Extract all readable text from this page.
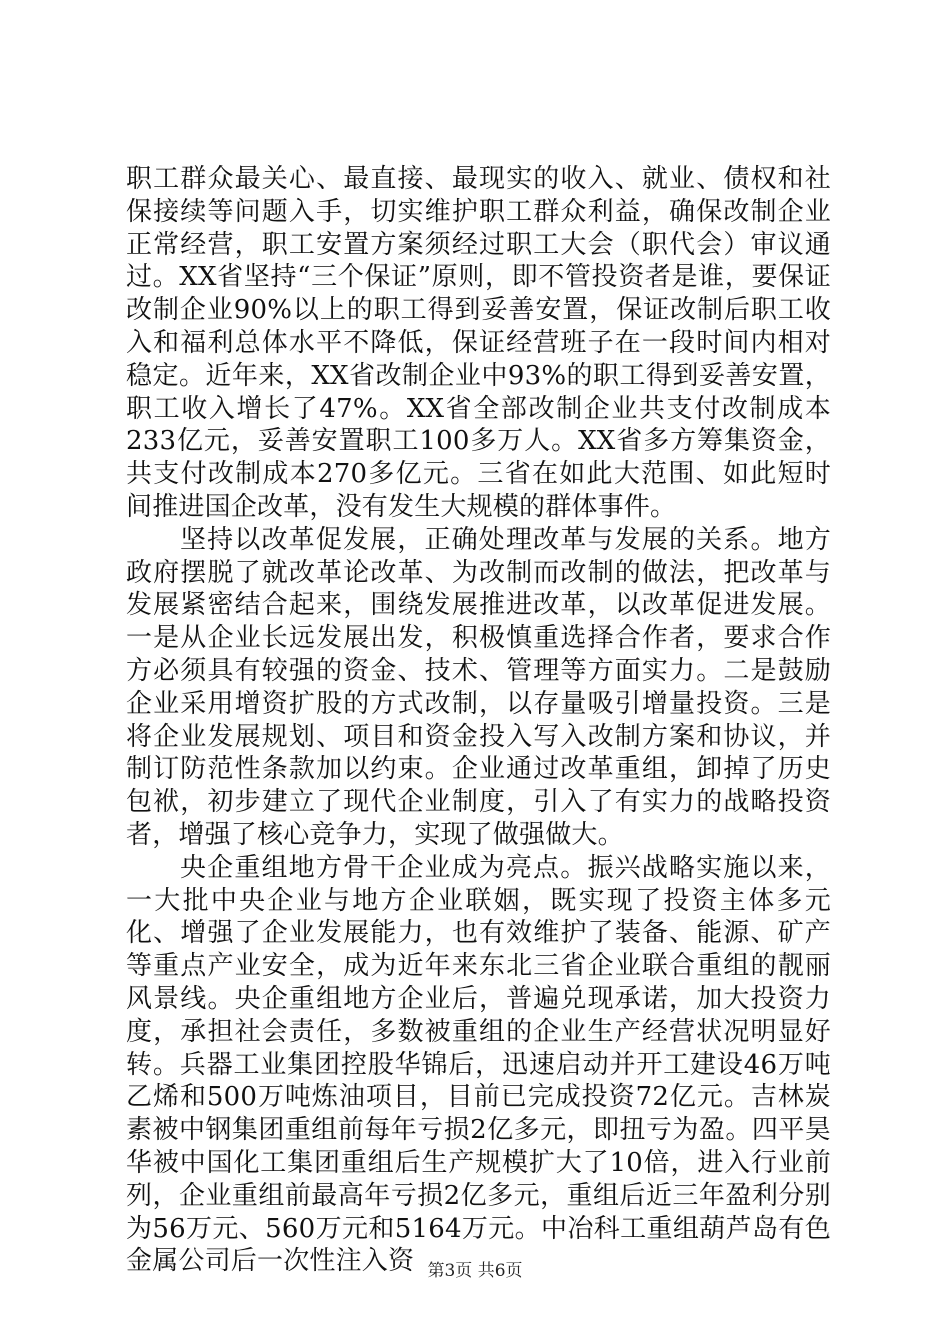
职工群众最关心、最直接、最现实的收入、就业、债权和社保接续等问题入手，切实维护职工群众利益，确保改制企业正常经营，职工安置方案须经过职工大会（职代会）审议通过。XX省坚持“三个保证”原则，即不管投资者是谁，要保证改制企业90%以上的职工得到妥善安置，保证改制后职工收入和福利总体水平不降低，保证经营班子在一段时间内相对稳定。近年来，XX省改制企业中93%的职工得到妥善安置，职工收入增长了47%。XX省全部改制企业共支付改制成本233亿元，妥善安置职工100多万人。XX省多方筹集资金，共支付改制成本270多亿元。三省在如此大范围、如此短时间推进国企改革，没有发生大规模的群体事件。

坚持以改革促发展，正确处理改革与发展的关系。地方政府摆脱了就改革论改革、为改制而改制的做法，把改革与发展紧密结合起来，围绕发展推进改革，以改革促进发展。一是从企业长远发展出发，积极慎重选择合作者，要求合作方必须具有较强的资金、技术、管理等方面实力。二是鼓励企业采用增资扩股的方式改制，以存量吸引增量投资。三是将企业发展规划、项目和资金投入写入改制方案和协议，并制订防范性条款加以约束。企业通过改革重组，卸掉了历史包袱，初步建立了现代企业制度，引入了有实力的战略投资者，增强了核心竞争力，实现了做强做大。

央企重组地方骨干企业成为亮点。振兴战略实施以来，一大批中央企业与地方企业联姻，既实现了投资主体多元化、增强了企业发展能力，也有效维护了装备、能源、矿产等重点产业安全，成为近年来东北三省企业联合重组的靓丽风景线。央企重组地方企业后，普遍兑现承诺，加大投资力度，承担社会责任，多数被重组的企业生产经营状况明显好转。兵器工业集团控股华锦后，迅速启动并开工建设46万吨乙烯和500万吨炼油项目，目前已完成投资72亿元。吉林炭素被中钢集团重组前每年亏损2亿多元，即扭亏为盈。四平昊华被中国化工集团重组后生产规模扩大了10倍，进入行业前列，企业重组前最高年亏损2亿多元，重组后近三年盈利分别为56万元、560万元和5164万元。中冶科工重组葫芦岛有色金属公司后一次性注入资 第3页 共6页
